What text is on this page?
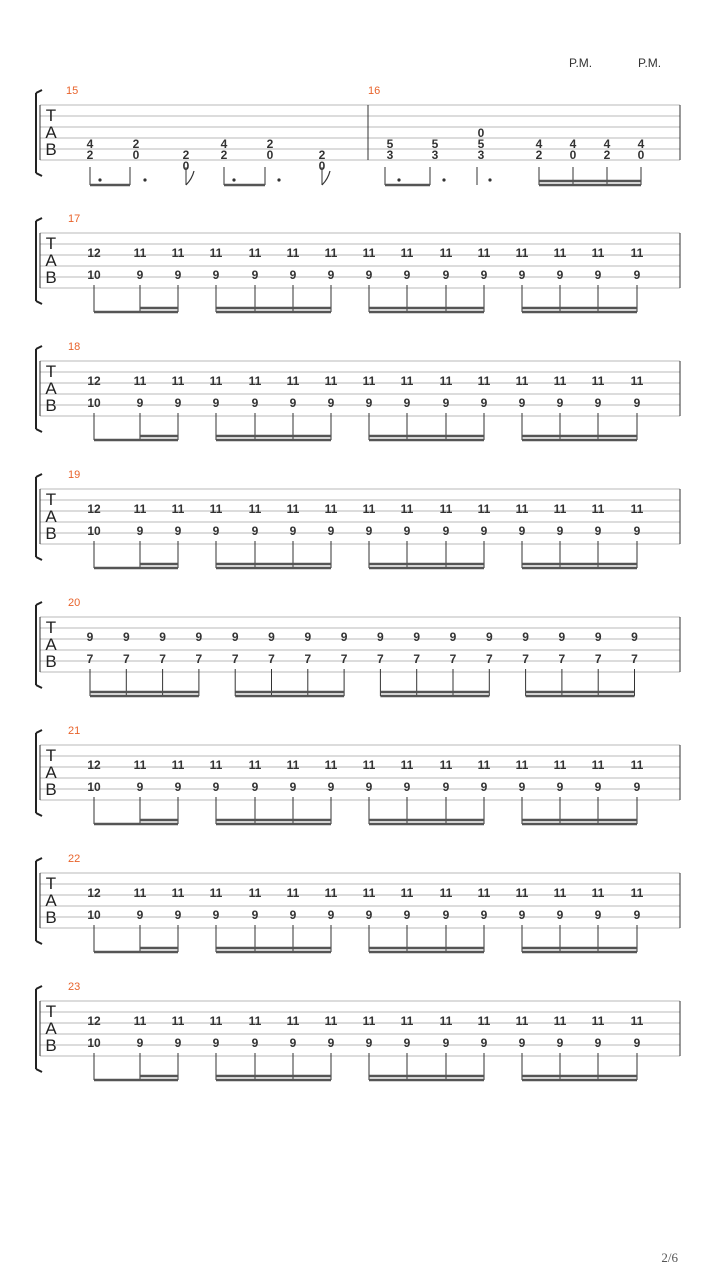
P.M.	P.M.
T
A
B
15	16
4
2
2
0	2
0
4
2
2
0	2
0
5
3
5
3
0
5
3
4
2
4
0
4
2
4
0
T
A
B
17
12	11 11 11 11 11 11 11 11 11 11 11 11 11 11
10	9	9	9	9	9	9	9	9	9	9	9	9	9	9
T
A
B
18
12	11 11 11 11 11 11 11 11 11 11 11 11 11 11
10	9	9	9	9	9	9	9	9	9	9	9	9	9	9
T
A
B
19
12	11 11 11 11 11 11 11 11 11 11 11 11 11 11
10	9	9	9	9	9	9	9	9	9	9	9	9	9	9
T
A
B
20
9 9 9 9 9 9 9 9 9 9 9 9 9 9 9 9
7 7 7 7 7 7 7 7 7 7 7 7 7 7 7 7
T
A
B
21
12	11 11 11 11 11 11 11 11 11 11 11 11 11 11
10	9	9	9	9	9	9	9	9	9	9	9	9	9	9
T
A
B
22
12	11 11 11 11 11 11 11 11 11 11 11 11 11 11
10	9	9	9	9	9	9	9	9	9	9	9	9	9	9
T
A
B
23
12	11 11 11 11 11 11 11 11 11 11 11 11 11 11
10	9	9	9	9	9	9	9	9	9	9	9	9	9	9
2/6
